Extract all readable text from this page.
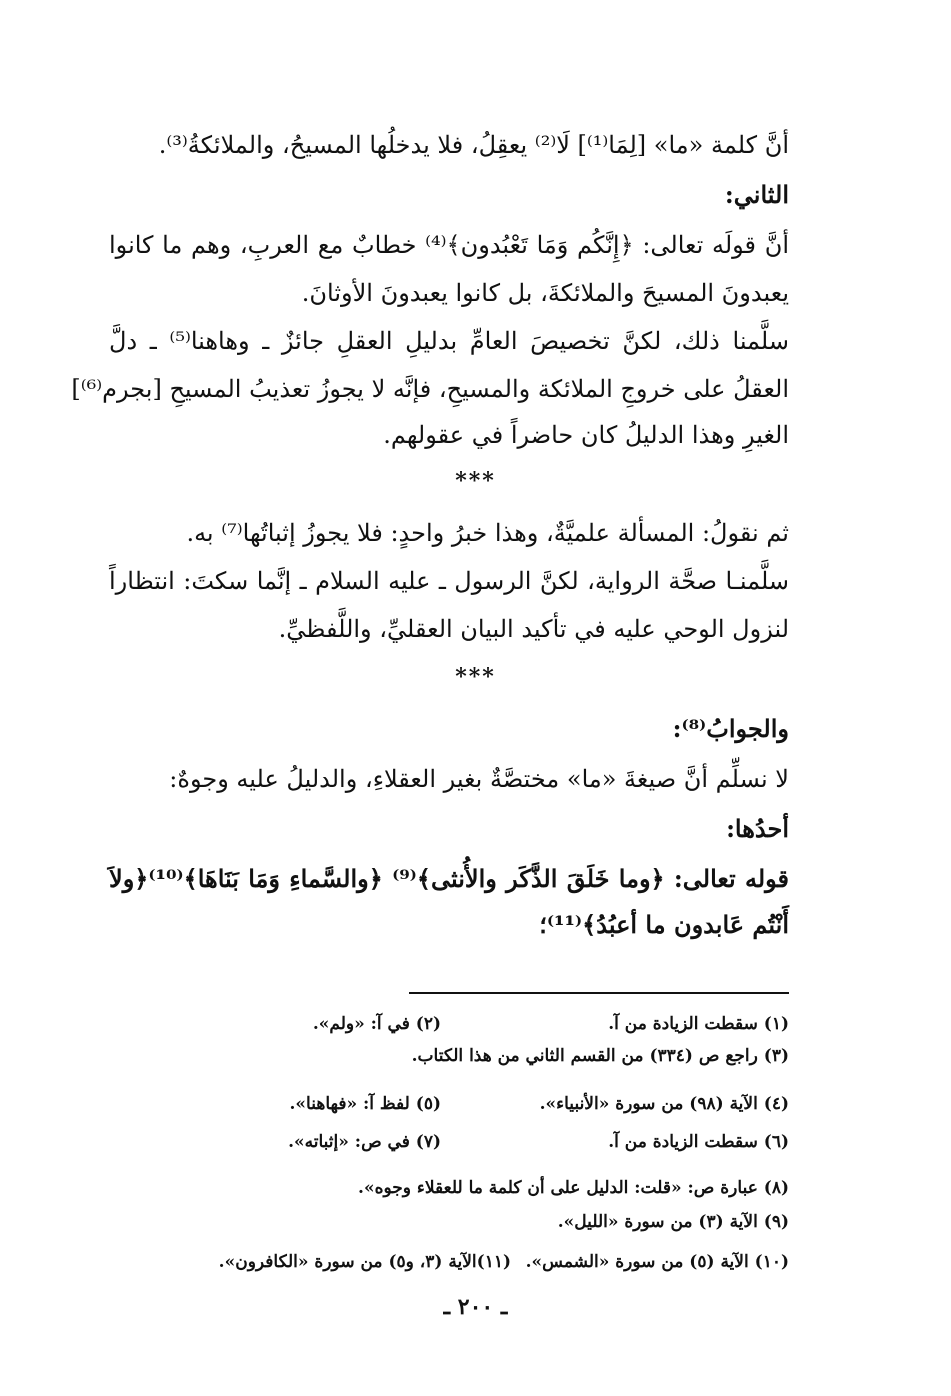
أنَّ كلمة «ما» [لِمَا⁽¹⁾] لَا⁽²⁾ يعقِلُ، فلا يدخلُها المسيحُ، والملائكةُ⁽³⁾.
الثاني:
أنَّ قولَه تعالى: ﴿إِنَّكُم وَمَا تَعْبُدون﴾⁽⁴⁾ خطابٌ مع العربِ، وهم ما كانوا
يعبدونَ المسيحَ والملائكةَ، بل كانوا يعبدونَ الأوثانَ.
سلَّمنا ذلك، لكنَّ تخصيصَ العامِّ بدليلِ العقلِ جائزٌ ـ وهاهنا⁽⁵⁾ ـ دلَّ
العقلُ على خروجِ الملائكة والمسيحِ، فإنَّه لا يجوزُ تعذيبُ المسيحِ [بجرم⁽⁶⁾]
الغيرِ وهذا الدليلُ كان حاضراً في عقولهم.
***
ثم نقولُ: المسألة علميَّةٌ، وهذا خبرُ واحدٍ: فلا يجوزُ إثباتُها⁽⁷⁾ به.
سلَّمنـا صحَّة الرواية، لكنَّ الرسول ـ عليه السلام ـ إنَّما سكتَ: انتظاراً
لنزول الوحي عليه في تأكيد البيان العقليِّ، واللَّفظيِّ.
***
والجوابُ⁽⁸⁾:
لا نسلِّم أنَّ صيغةَ «ما» مختصَّةٌ بغير العقلاءِ، والدليلُ عليه وجوهٌ:
أحدُها:
قوله تعالى: ﴿وما خَلَقَ الذَّكَر والأُنثى﴾⁽⁹⁾ ﴿والسَّماءِ وَمَا بَنَاهَا﴾⁽¹⁰⁾﴿ولاَ
أَنْتُم عَابدون ما أعبُدُ﴾⁽¹¹⁾؛
(١) سقطت الزيادة من آ.
(٢) في آ: «ولم».
(٣) راجع ص (٣٣٤) من القسم الثاني من هذا الكتاب.
(٤) الآية (٩٨) من سورة «الأنبياء».
(٥) لفظ آ: «فهاهنا».
(٦) سقطت الزيادة من آ.
(٧) في ص: «إثباته».
(٨) عبارة ص: «قلت: الدليل على أن كلمة ما للعقلاء وجوه».
(٩) الآية (٣) من سورة «الليل».
(١٠) الآية (٥) من سورة «الشمس».
(١١)الآية (٣، و٥) من سورة «الكافرون».
ـ ٢٠٠ ـ
